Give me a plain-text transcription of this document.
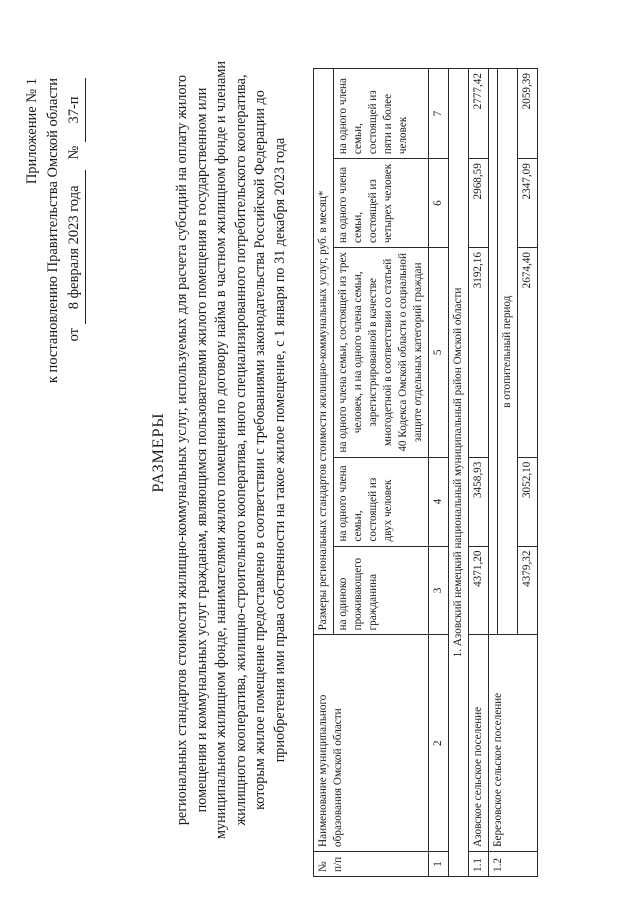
Приложение № 1 к постановлению Правительства Омской области от 8 февраля 2023 года   № 37-п
РАЗМЕРЫ региональных стандартов стоимости жилищно-коммунальных услуг, используемых для расчета субсидий на оплату жилого помещения и коммунальных услуг гражданам, являющимся пользователями жилого помещения в государственном или муниципальном жилищном фонде, нанимателями жилого помещения по договору найма в частном жилищном фонде и членами жилищного кооператива, жилищно-строительного кооператива, иного специализированного потребительского кооператива, которым жилое помещение предоставлено в соответствии с требованиями законодательства Российской Федерации до приобретения ими права собственности на такое жилое помещение, с 1 января по 31 декабря 2023 года
№ п/п	Наименование муниципального образования Омской области	Размеры региональных стандартов стоимости жилищно-коммунальных услуг, руб. в месяц*				
		на одиноко проживающего гражданина	на одного члена семьи, состоящей из двух человек	на одного члена семьи, состоящей из трех человек, и на одного члена семьи, зарегистрированной в качестве многодетной в соответствии со статьей 40 Кодекса Омской области о социальной защите отдельных категорий граждан	на одного члена семьи, состоящей из четырех человек	на одного члена семьи, состоящей из пяти и более человек
1	2	3	4	5	6	7
1. Азовский немецкий национальный муниципальный район Омской области						
1.1	Азовское сельское поселение	4371,20	3458,93	3192,16	2968,59	2777,42
1.2	Березовское сельское поселение					
		в отопительный период				
		4379,32	3052,10	2674,40	2347,09	2059,39
